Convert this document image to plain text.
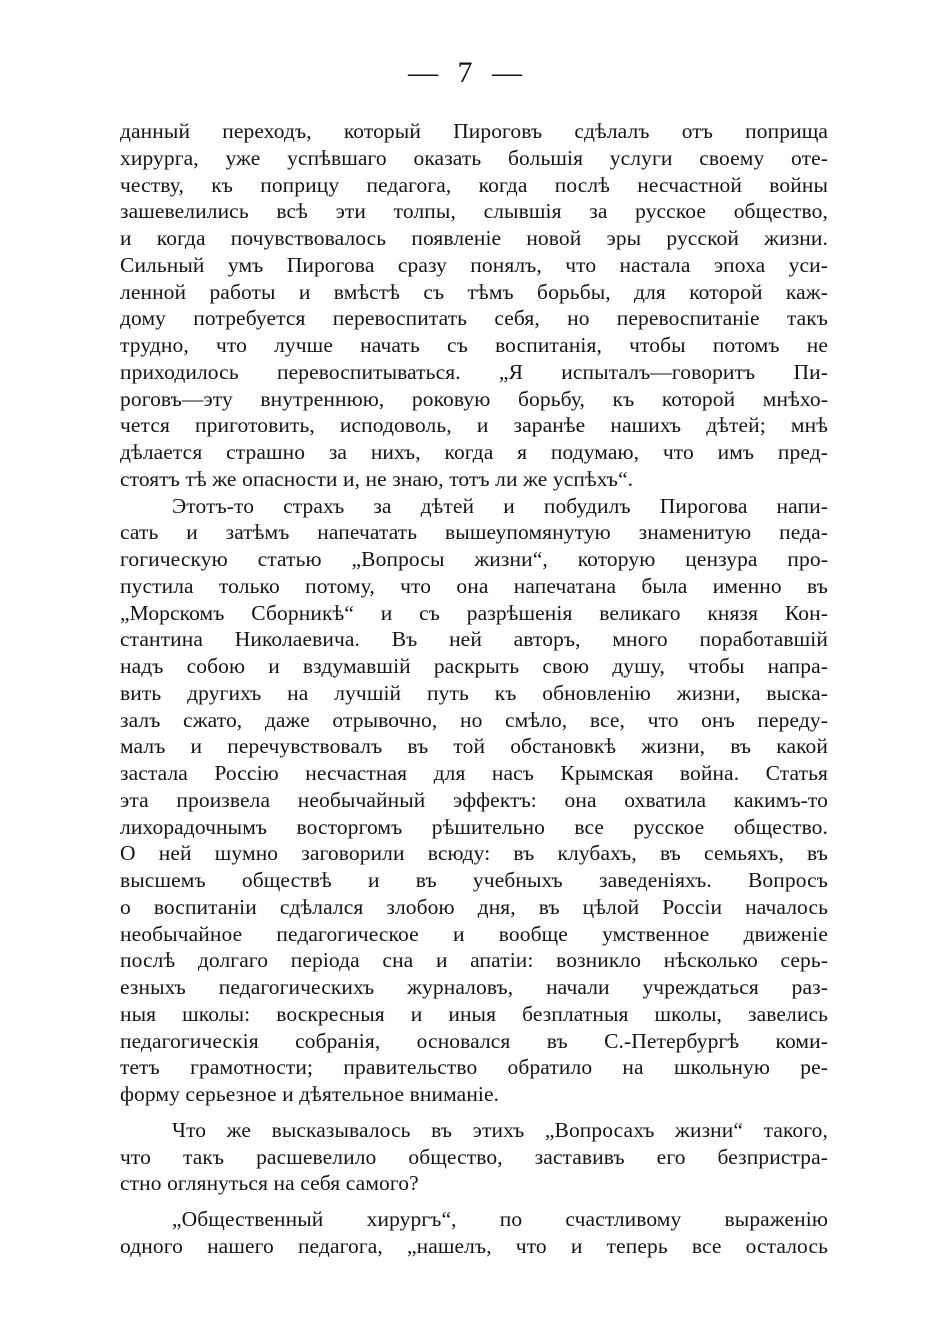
— 7 —
данный переходъ, который Пироговъ сдѣлалъ отъ поприща
хирурга, уже успѣвшаго оказать большія услуги своему оте-
честву, къ поприцу педагога, когда послѣ несчастной войны
зашевелились всѣ эти толпы, слывшія за русское общество,
и когда почувствовалось появленіе новой эры русской жизни.
Сильный умъ Пирогова сразу понялъ, что настала эпоха уси-
ленной работы и вмѣстѣ съ тѣмъ борьбы, для которой каж-
дому потребуется перевоспитать себя, но перевоспитаніе такъ
трудно, что лучше начать съ воспитанія, чтобы потомъ не
приходилось перевоспитываться. „Я испыталъ—говоритъ Пи-
роговъ—эту внутреннюю, роковую борьбу, къ которой мнѣхо-
чется приготовить, исподоволь, и заранѣе нашихъ дѣтей; мнѣ
дѣлается страшно за нихъ, когда я подумаю, что имъ пред-
стоятъ тѣ же опасности и, не знаю, тотъ ли же успѣхъ“.
Этотъ-то страхъ за дѣтей и побудилъ Пирогова напи-
сать и затѣмъ напечатать вышеупомянутую знаменитую педа-
гогическую статью „Вопросы жизни“, которую цензура про-
пустила только потому, что она напечатана была именно въ
„Морскомъ Сборникѣ“ и съ разрѣшенія великаго князя Кон-
стантина Николаевича. Въ ней авторъ, много поработавшій
надъ собою и вздумавшій раскрыть свою душу, чтобы напра-
вить другихъ на лучшій путь къ обновленію жизни, выска-
залъ сжато, даже отрывочно, но смѣло, все, что онъ переду-
малъ и перечувствовалъ въ той обстановкѣ жизни, въ какой
застала Россію несчастная для насъ Крымская война. Статья
эта произвела необычайный эффектъ: она охватила какимъ-то
лихорадочнымъ восторгомъ рѣшительно все русское общество.
О ней шумно заговорили всюду: въ клубахъ, въ семьяхъ, въ
высшемъ обществѣ и въ учебныхъ заведеніяхъ. Вопросъ
о воспитаніи сдѣлался злобою дня, въ цѣлой Россіи началось
необычайное педагогическое и вообще умственное движеніе
послѣ долгаго періода сна и апатіи: возникло нѣсколько серь-
езныхъ педагогическихъ журналовъ, начали учреждаться раз-
ныя школы: воскресныя и иныя безплатныя школы, завелись
педагогическія собранія, основался въ С.-Петербургѣ коми-
тетъ грамотности; правительство обратило на школьную ре-
форму серьезное и дѣятельное вниманіе.
Что же высказывалось въ этихъ „Вопросахъ жизни“ такого,
что такъ расшевелило общество, заставивъ его безпристра-
стно оглянуться на себя самого?
„Общественный хирургъ“, по счастливому выраженію
одного нашего педагога, „нашелъ, что и теперь все осталось
